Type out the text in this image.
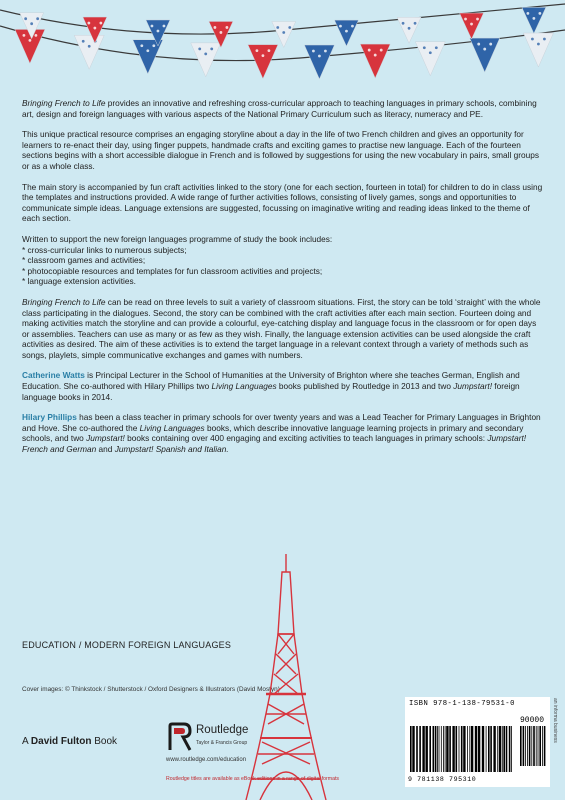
Bringing French to Life provides an innovative and refreshing cross-curricular approach to teaching languages in primary schools, combining art, design and foreign languages with various aspects of the National Primary Curriculum such as literacy, numeracy and PE.

This unique practical resource comprises an engaging storyline about a day in the life of two French children and gives an opportunity for learners to re-enact their day, using finger puppets, handmade crafts and exciting games to practise new language. Each of the fourteen sections begins with a short accessible dialogue in French and is followed by suggestions for using the new vocabulary in pairs, small groups or as a whole class.

The main story is accompanied by fun craft activities linked to the story (one for each section, fourteen in total) for children to do in class using the templates and instructions provided. A wide range of further activities follows, consisting of lively games, songs and opportunities to communicate simple ideas. Language extensions are suggested, focussing on imaginative writing and reading ideas linked to the theme of each section.

Written to support the new foreign languages programme of study the book includes:

* cross-curricular links to numerous subjects;

* classroom games and activities;

* photocopiable resources and templates for fun classroom activities and projects;

* language extension activities.

Bringing French to Life can be read on three levels to suit a variety of classroom situations. First, the story can be told ‘straight’ with the whole class participating in the dialogues. Second, the story can be combined with the craft activities after each main section. Fourteen doing and making activities match the storyline and can provide a colourful, eye-catching display and language focus in the classroom or for open days or assemblies. Teachers can use as many or as few as they wish. Finally, the language extension activities can be used alongside the craft activities as desired. The aim of these activities is to extend the target language in a relevant context through a variety of methods such as songs, playlets, simple communicative exchanges and games with numbers.

Catherine Watts is Principal Lecturer in the School of Humanities at the University of Brighton where she teaches German, English and Education. She co-authored with Hilary Phillips two Living Languages books published by Routledge in 2013 and two Jumpstart! foreign language books in 2014.

Hilary Phillips has been a class teacher in primary schools for over twenty years and was a Lead Teacher for Primary Languages in Brighton and Hove. She co-authored the Living Languages books, which describe innovative language learning projects in primary and secondary schools, and two Jumpstart! books containing over 400 engaging and exciting activities to teach languages in primary schools: Jumpstart! French and German and Jumpstart! Spanish and Italian.

EDUCATION / MODERN FOREIGN LANGUAGES
Cover images: © Thinkstock / Shutterstock / Oxford Designers & Illustrators (David Mostyn)
A David Fulton Book
Routledge
Taylor & Francis Group
www.routledge.com/education
Routledge titles are available as eBook editions in a range of digital formats
ISBN 978-1-138-79531-0
90000
9 781138 795310
an informa business
